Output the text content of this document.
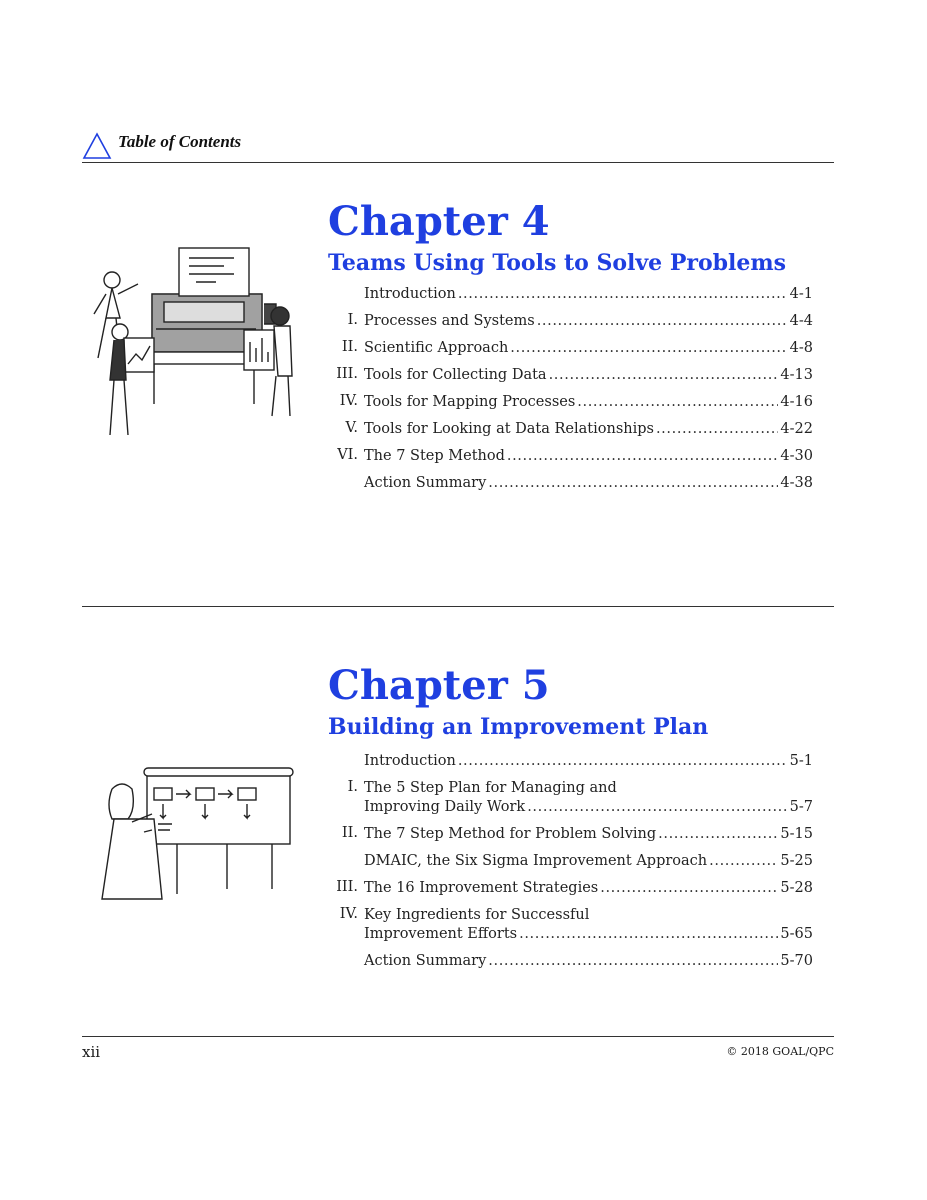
Table of Contents
Chapter 4
Teams Using Tools to Solve Problems
Introduction . . .	4-1
I. Processes and Systems . . .	4-4
II. Scientific Approach . . .	4-8
III. Tools for Collecting Data . . .	4-13
IV. Tools for Mapping Processes . . .	4-16
V. Tools for Looking at Data Relationships . . .	4-22
VI. The 7 Step Method . . .	4-30
Action Summary . . .	4-38
Chapter 5
Building an Improvement Plan
Introduction . . .	5-1
I. The 5 Step Plan for Managing and
Improving Daily Work . . .	5-7
II. The 7 Step Method for Problem Solving . . .	5-15
DMAIC, the Six Sigma Improvement Approach . . .	5-25
III. The 16 Improvement Strategies . . .	5-28
IV. Key Ingredients for Successful
Improvement Efforts . . .	5-65
Action Summary . . .	5-70
xii	© 2018 GOAL/QPC
